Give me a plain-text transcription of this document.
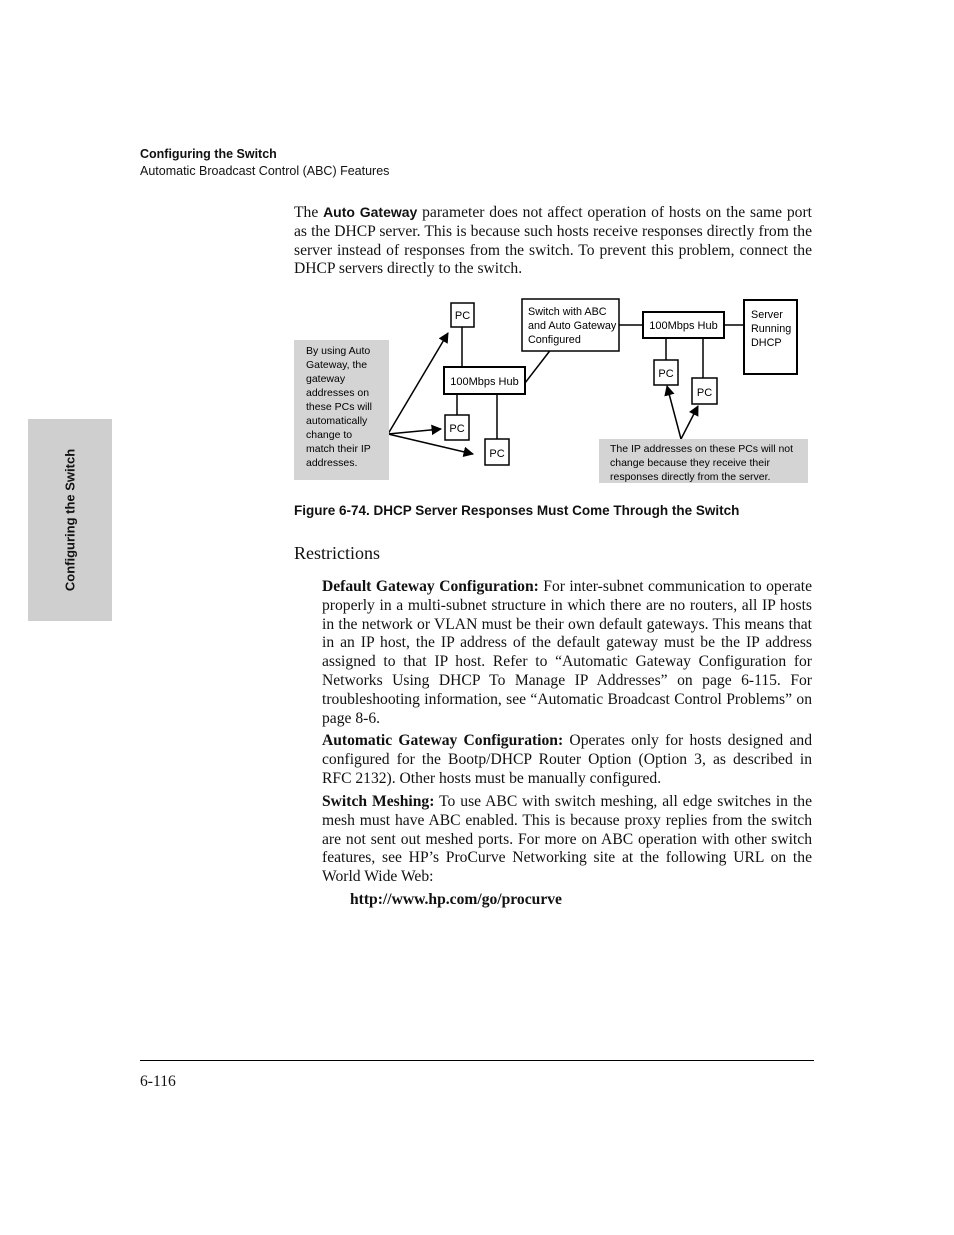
Configuring the Switch
Automatic Broadcast Control (ABC) Features
Configuring the Switch
The Auto Gateway parameter does not affect operation of hosts on the same port as the DHCP server. This is because such hosts receive responses directly from the server instead of responses from the switch. To prevent this problem, connect the DHCP servers directly to the switch.
By using Auto Gateway, the gateway addresses on these PCs will automatically change to match their IP addresses.
The IP addresses on these PCs will not change because they receive their responses directly from the server.
PC
PC
PC
100Mbps Hub
Switch with ABC and Auto Gateway Configured
100Mbps Hub
Server Running DHCP
PC
PC
Figure 6-74. DHCP Server Responses Must Come Through the Switch
Restrictions
Default Gateway Configuration: For inter-subnet communication to operate properly in a multi-subnet structure in which there are no routers, all IP hosts in the network or VLAN must be their own default gateways. This means that in an IP host, the IP address of the default gateway must be the IP address assigned to that IP host. Refer to “Automatic Gateway Configuration for Networks Using DHCP To Manage IP Addresses” on page 6-115. For troubleshooting information, see “Automatic Broadcast Control Problems” on page 8-6.
Automatic Gateway Configuration: Operates only for hosts designed and configured for the Bootp/DHCP Router Option (Option 3, as described in RFC 2132). Other hosts must be manually configured.
Switch Meshing: To use ABC with switch meshing, all edge switches in the mesh must have ABC enabled. This is because proxy replies from the switch are not sent out meshed ports. For more on ABC operation with other switch features, see HP’s ProCurve Networking site at the following URL on the World Wide Web:
http://www.hp.com/go/procurve
6-116
